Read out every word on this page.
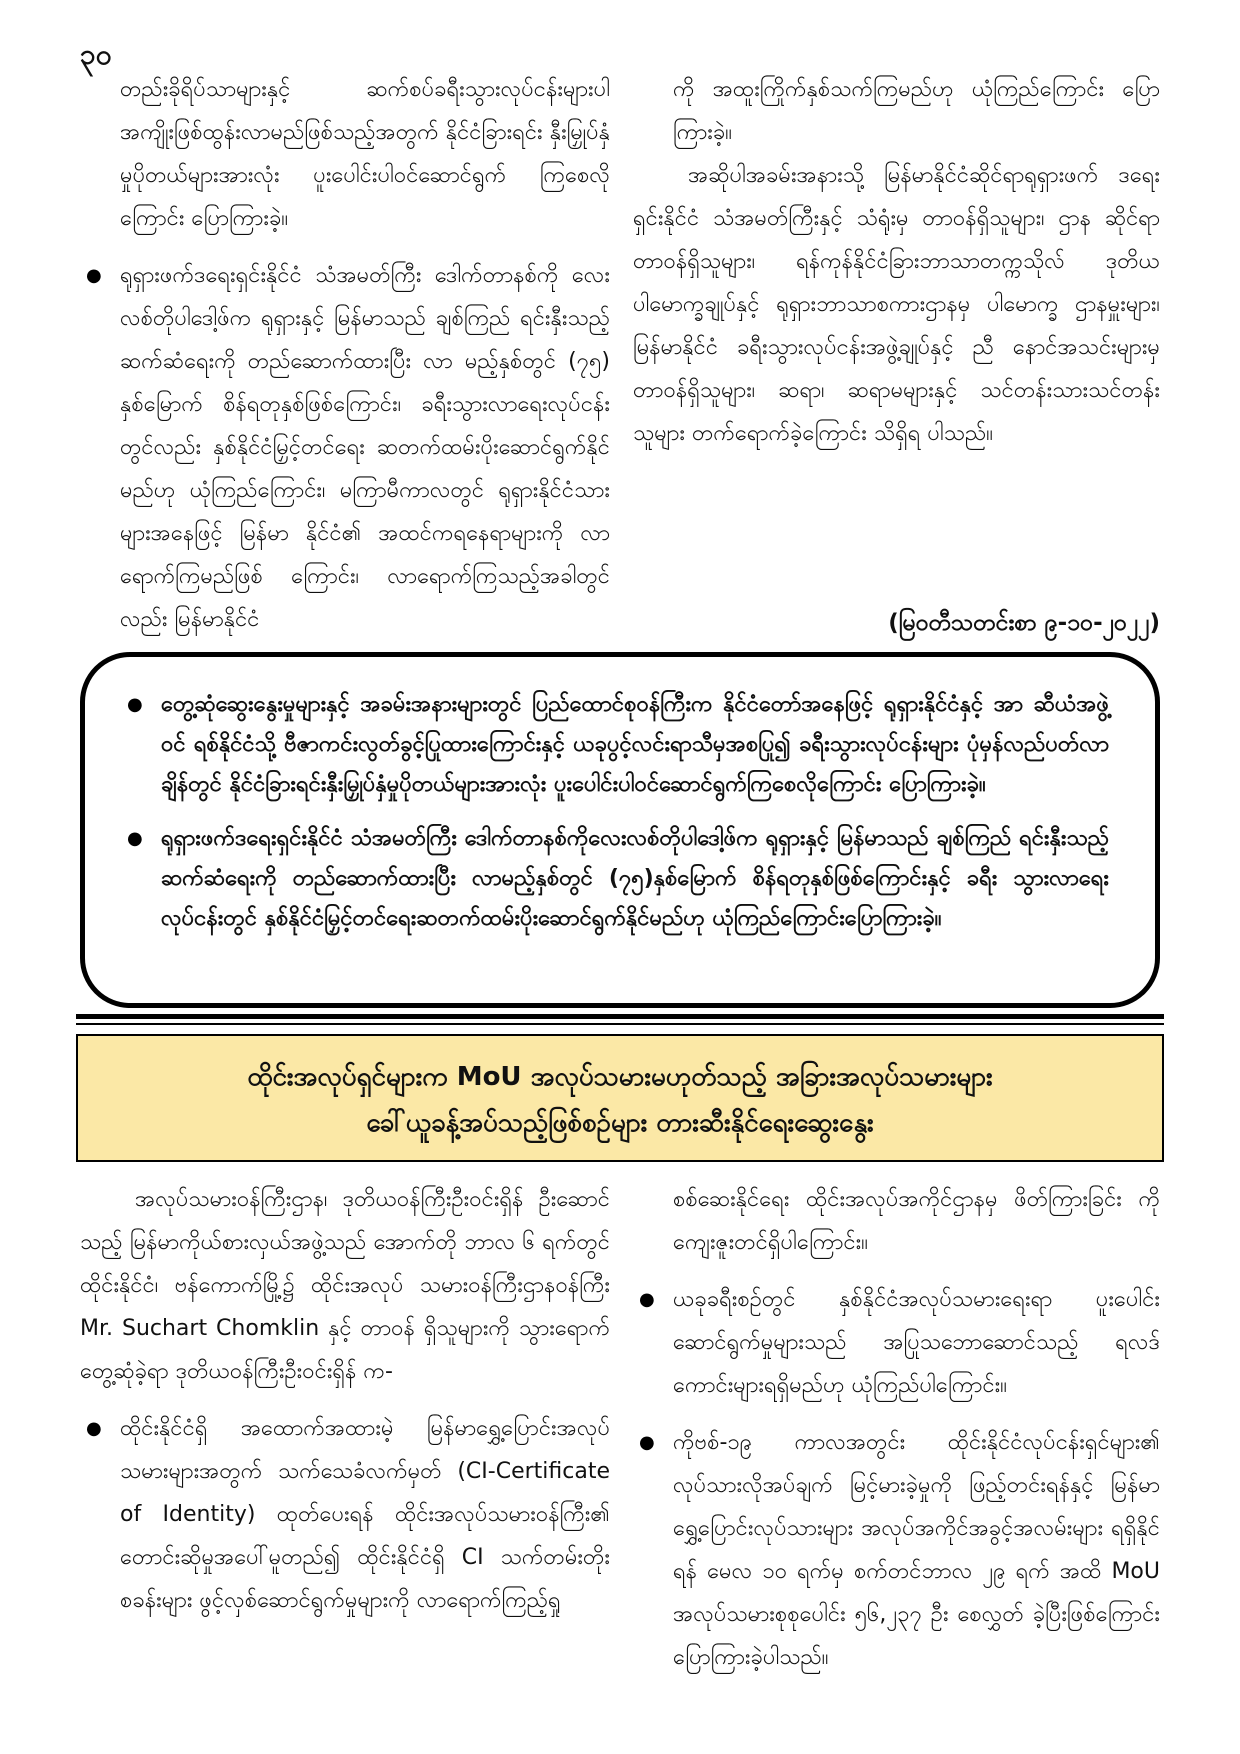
၃၀

တည်းခိုရိပ်သာများနှင့် ဆက်စပ်ခရီးသွားလုပ်ငန်းများပါ အကျိုးဖြစ်ထွန်းလာမည်ဖြစ်သည့်အတွက် နိုင်ငံခြားရင်း နှီးမြှုပ်နှံမှုပိုတယ်များအားလုံး ပူးပေါင်းပါဝင်ဆောင်ရွက် ကြစေလိုကြောင်း ပြောကြားခဲ့။

● ရုရှားဖက်ဒရေးရှင်းနိုင်ငံ သံအမတ်ကြီး ဒေါက်တာနစ်ကို လေးလစ်တိုပါဒေါ့ဖ်က ရုရှားနှင့် မြန်မာသည် ချစ်ကြည် ရင်းနှီးသည့်ဆက်ဆံရေးကို တည်ဆောက်ထားပြီး လာ မည့်နှစ်တွင် (၇၅) နှစ်မြောက် စိန်ရတုနှစ်ဖြစ်ကြောင်း၊ ခရီးသွားလာရေးလုပ်ငန်းတွင်လည်း နှစ်နိုင်ငံမြှင့်တင်ရေး ဆတက်ထမ်းပိုးဆောင်ရွက်နိုင်မည်ဟု ယုံကြည်ကြောင်း၊ မကြာမီကာလတွင် ရုရှားနိုင်ငံသားများအနေဖြင့် မြန်မာ နိုင်ငံ၏ အထင်ကရနေရာများကို လာရောက်ကြမည်ဖြစ် ကြောင်း၊ လာရောက်ကြသည့်အခါတွင်လည်း မြန်မာနိုင်ငံ

ကို အထူးကြိုက်နှစ်သက်ကြမည်ဟု ယုံကြည်ကြောင်း ပြောကြားခဲ့။

အဆိုပါအခမ်းအနားသို့ မြန်မာနိုင်ငံဆိုင်ရာရုရှားဖက် ဒရေးရှင်းနိုင်ငံ သံအမတ်ကြီးနှင့် သံရုံးမှ တာဝန်ရှိသူများ၊ ဌာန ဆိုင်ရာတာဝန်ရှိသူများ၊ ရန်ကုန်နိုင်ငံခြားဘာသာတက္ကသိုလ် ဒုတိယပါမောက္ခချုပ်နှင့် ရုရှားဘာသာစကားဌာနမှ ပါမောက္ခ ဌာနမှူးများ၊ မြန်မာနိုင်ငံ ခရီးသွားလုပ်ငန်းအဖွဲ့ချုပ်နှင့် ညီ နောင်အသင်းများမှ တာဝန်ရှိသူများ၊ ဆရာ၊ ဆရာမများနှင့် သင်တန်းသားသင်တန်းသူများ တက်ရောက်ခဲ့ကြောင်း သိရှိရ ပါသည်။

(မြဝတီသတင်းစာ ၉-၁၀-၂၀၂၂)
● တွေ့ဆုံဆွေးနွေးမှုများနှင့် အခမ်းအနားများတွင် ပြည်ထောင်စုဝန်ကြီးက နိုင်ငံတော်အနေဖြင့် ရုရှားနိုင်ငံနှင့် အာ ဆီယံအဖွဲ့ဝင် ရစ်နိုင်ငံသို့ ဗီဇာကင်းလွတ်ခွင့်ပြုထားကြောင်းနှင့် ယခုပွင့်လင်းရာသီမှအစပြု၍ ခရီးသွားလုပ်ငန်းများ ပုံမှန်လည်ပတ်လာချိန်တွင် နိုင်ငံခြားရင်းနှီးမြှုပ်နှံမှုပိုတယ်များအားလုံး ပူးပေါင်းပါဝင်ဆောင်ရွက်ကြစေလိုကြောင်း ပြောကြားခဲ့။
● ရုရှားဖက်ဒရေးရှင်းနိုင်ငံ သံအမတ်ကြီး ဒေါက်တာနစ်ကိုလေးလစ်တိုပါဒေါ့ဖ်က ရုရှားနှင့် မြန်မာသည် ချစ်ကြည် ရင်းနှီးသည့်ဆက်ဆံရေးကို တည်ဆောက်ထားပြီး လာမည့်နှစ်တွင် (၇၅)နှစ်မြောက် စိန်ရတုနှစ်ဖြစ်ကြောင်းနှင့် ခရီး သွားလာရေးလုပ်ငန်းတွင် နှစ်နိုင်ငံမြှင့်တင်ရေးဆတက်ထမ်းပိုးဆောင်ရွက်နိုင်မည်ဟု ယုံကြည်ကြောင်းပြောကြားခဲ့။
ထိုင်းအလုပ်ရှင်များက MoU အလုပ်သမားမဟုတ်သည့် အခြားအလုပ်သမားများ
ခေါ်ယူခန့်အပ်သည့်ဖြစ်စဉ်များ တားဆီးနိုင်ရေးဆွေးနွေး

အလုပ်သမားဝန်ကြီးဌာန၊ ဒုတိယဝန်ကြီးဦးဝင်းရှိန် ဦးဆောင်သည့် မြန်မာကိုယ်စားလှယ်အဖွဲ့သည် အောက်တို ဘာလ ၆ ရက်တွင် ထိုင်းနိုင်ငံ၊ ဗန်ကောက်မြို့၌ ထိုင်းအလုပ် သမားဝန်ကြီးဌာနဝန်ကြီး Mr. Suchart Chomklin နှင့် တာဝန် ရှိသူများကို သွားရောက်တွေ့ဆုံခဲ့ရာ ဒုတိယဝန်ကြီးဦးဝင်းရှိန် က-

● ထိုင်းနိုင်ငံရှိ အထောက်အထားမဲ့ မြန်မာရွှေ့ပြောင်းအလုပ် သမားများအတွက် သက်သေခံလက်မှတ် (CI-Certificate of Identity) ထုတ်ပေးရန် ထိုင်းအလုပ်သမားဝန်ကြီး၏ တောင်းဆိုမှုအပေါ်မူတည်၍ ထိုင်းနိုင်ငံရှိ CI သက်တမ်းတိုး စခန်းများ ဖွင့်လှစ်ဆောင်ရွက်မှုများကို လာရောက်ကြည့်ရှု

စစ်ဆေးနိုင်ရေး ထိုင်းအလုပ်အကိုင်ဌာနမှ ဖိတ်ကြားခြင်း ကို ကျေးဇူးတင်ရှိပါကြောင်း။

● ယခုခရီးစဉ်တွင် နှစ်နိုင်ငံအလုပ်သမားရေးရာ ပူးပေါင်း ဆောင်ရွက်မှုများသည် အပြုသဘောဆောင်သည့် ရလဒ် ကောင်းများရရှိမည်ဟု ယုံကြည်ပါကြောင်း။
● ကိုဗစ်-၁၉ ကာလအတွင်း ထိုင်းနိုင်ငံလုပ်ငန်းရှင်များ၏ လုပ်သားလိုအပ်ချက် မြင့်မားခဲ့မှုကို ဖြည့်တင်းရန်နှင့် မြန်မာ ရွှေ့ပြောင်းလုပ်သားများ အလုပ်အကိုင်အခွင့်အလမ်းများ ရရှိနိုင်ရန် မေလ ၁၀ ရက်မှ စက်တင်ဘာလ ၂၉ ရက် အထိ MoU အလုပ်သမားစုစုပေါင်း ၅၆,၂၃၇ ဦး စေလွှတ် ခဲ့ပြီးဖြစ်ကြောင်း ပြောကြားခဲ့ပါသည်။
